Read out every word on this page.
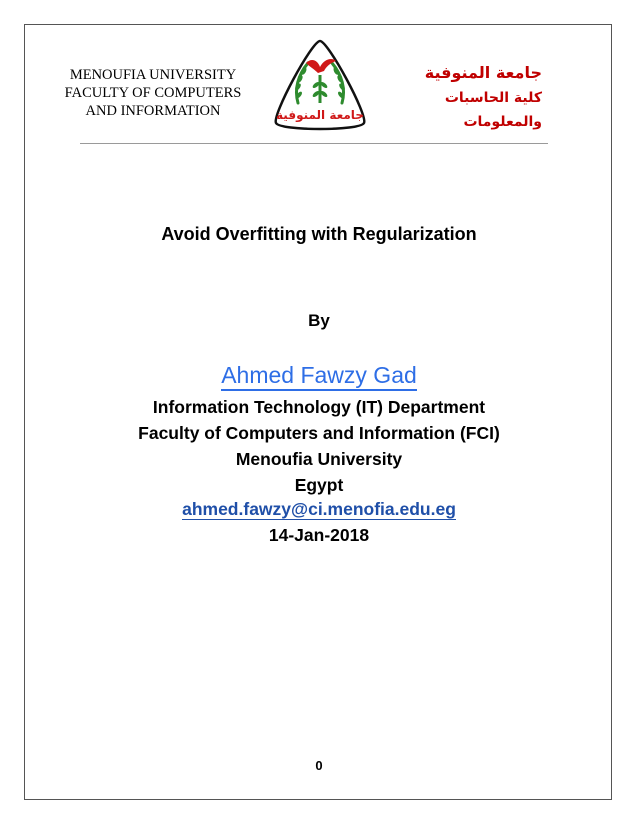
MENOUFIA UNIVERSITY
FACULTY OF COMPUTERS
AND INFORMATION	جامعة المنوفية
جامعة المنوفية
كلية الحاسبات والمعلومات
Avoid Overfitting with Regularization
By
Ahmed Fawzy Gad
Information Technology (IT) Department
Faculty of Computers and Information (FCI)
Menoufia University
Egypt
ahmed.fawzy@ci.menofia.edu.eg
14-Jan-2018
0
